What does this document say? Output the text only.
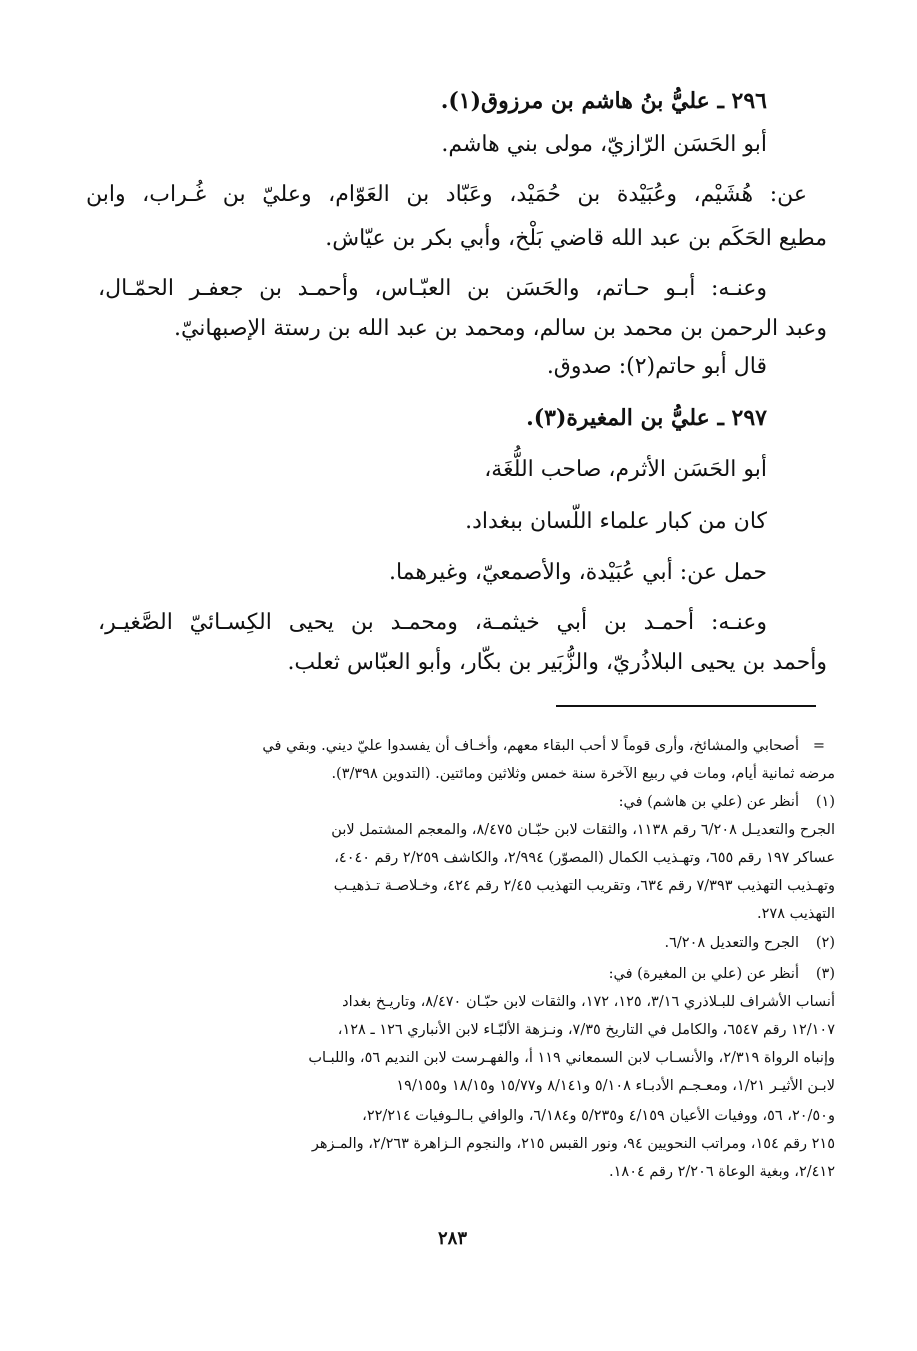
٢٩٦ ـ عليُّ بنُ هاشم بن مرزوق(١).
أبو الحَسَن الرّازيّ، مولى بني هاشم.
عن: هُشَيْم، وعُبَيْدة بن حُمَيْد، وعَبّاد بن العَوّام، وعليّ بن غُـراب، وابن
مطيع الحَكَم بن عبد الله قاضي بَلْخ، وأبي بكر بن عيّاش.
وعنـه: أبـو حـاتم، والحَسَن بن العبّـاس، وأحمـد بن جعفـر الحمّـال،
وعبد الرحمن بن محمد بن سالم، ومحمد بن عبد الله بن رستة الإصبهانيّ.
قال أبو حاتم(٢): صدوق.
٢٩٧ ـ عليُّ بن المغيرة(٣).
أبو الحَسَن الأثرم، صاحب اللُّغَة،
كان من كبار علماء اللّسان ببغداد.
حمل عن: أبي عُبَيْدة، والأصمعيّ، وغيرهما.
وعنـه: أحمـد بن أبي خيثمـة، ومحمـد بن يحيى الكِسـائيّ الصَّغيـر،
وأحمد بن يحيى البلاذُريّ، والزُّبَير بن بكّار، وأبو العبّاس ثعلب.
=
(١)
(٢)
(٣)
أصحابي والمشائخ، وأرى قوماً لا أحب البقاء معهم، وأخـاف أن يفسدوا عليّ ديني. وبقي في
مرضه ثمانية أيام، ومات في ربيع الآخرة سنة خمس وثلاثين ومائتين. (التدوين ٣/٣٩٨).
أنظر عن (علي بن هاشم) في:
الجرح والتعديـل ٦/٢٠٨ رقم ١١٣٨، والثقات لابن حبّـان ٨/٤٧٥، والمعجم المشتمل لابن
عساكر ١٩٧ رقم ٦٥٥، وتهـذيب الكمال (المصوّر) ٢/٩٩٤، والكاشف ٢/٢٥٩ رقم ٤٠٤٠،
وتهـذيب التهذيب ٧/٣٩٣ رقم ٦٣٤، وتقريب التهذيب ٢/٤٥ رقم ٤٢٤، وخـلاصـة تـذهيـب
التهذيب ٢٧٨.
الجرح والتعديل ٦/٢٠٨.
أنظر عن (علي بن المغيرة) في:
أنساب الأشراف للبـلاذري ٣/١٦، ١٢٥، ١٧٢، والثقات لابن حبّـان ٨/٤٧٠، وتاريـخ بغداد
١٢/١٠٧ رقم ٦٥٤٧، والكامل في التاريخ ٧/٣٥، ونـزهة الألبّـاء لابن الأنباري ١٢٦ ـ ١٢٨،
وإنباه الرواة ٢/٣١٩، والأنسـاب لابن السمعاني ١١٩ أ، والفهـرست لابن النديم ٥٦، واللبـاب
لابـن الأثيـر ١/٢١، ومعـجـم الأدبـاء ٥/١٠٨ و٨/١٤١ و١٥/٧٧ و١٨/١٥ و١٩/١٥٥
و٢٠/٥٠، ٥٦، ووفيات الأعيان ٤/١٥٩ و٥/٢٣٥ و٦/١٨٤، والوافي بـالـوفيات ٢٢/٢١٤،
٢١٥ رقم ١٥٤، ومراتب النحويين ٩٤، ونور القبس ٢١٥، والنجوم الـزاهرة ٢/٢٦٣، والمـزهر
٢/٤١٢، وبغية الوعاة ٢/٢٠٦ رقم ١٨٠٤.
٢٨٣
